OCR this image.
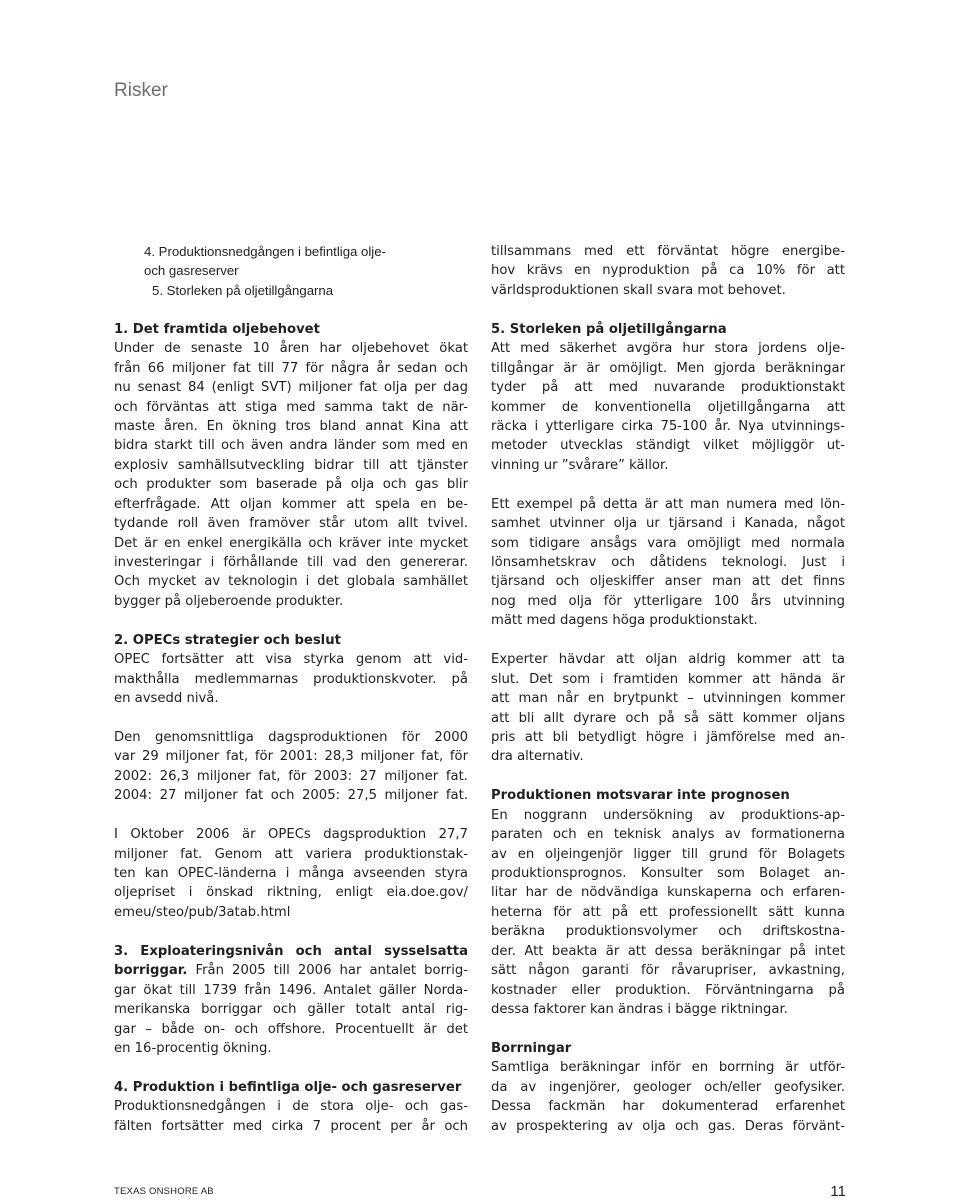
Risker
4. Produktionsnedgången i befintliga olje-
och gasreserver
5. Storleken på oljetillgångarna
1. Det framtida oljebehovet
Under de senaste 10 åren har oljebehovet ökat
från 66 miljoner fat till 77 för några år sedan och
nu senast 84 (enligt SVT) miljoner fat olja per dag
och förväntas att stiga med samma takt de när-
maste åren. En ökning tros bland annat Kina att
bidra starkt till och även andra länder som med en
explosiv samhällsutveckling bidrar till att tjänster
och produkter som baserade på olja och gas blir
efterfrågade. Att oljan kommer att spela en be-
tydande roll även framöver står utom allt tvivel.
Det är en enkel energikälla och kräver inte mycket
investeringar i förhållande till vad den genererar.
Och mycket av teknologin i det globala samhället
bygger på oljeberoende produkter.
2. OPECs strategier och beslut
OPEC fortsätter att visa styrka genom att vid-
makthålla medlemmarnas produktionskvoter. på
en avsedd nivå.
Den genomsnittliga dagsproduktionen för 2000
var 29 miljoner fat, för 2001: 28,3 miljoner fat, för
2002: 26,3 miljoner fat, för 2003: 27 miljoner fat.
2004: 27 miljoner fat och 2005: 27,5 miljoner fat.
I Oktober 2006 är OPECs dagsproduktion 27,7
miljoner fat. Genom att variera produktionstak-
ten kan OPEC-länderna i många avseenden styra
oljepriset i önskad riktning, enligt eia.doe.gov/
emeu/steo/pub/3atab.html
3. Exploateringsnivån och antal sysselsatta
borriggar. Från 2005 till 2006 har antalet borrig-
gar ökat till 1739 från 1496. Antalet gäller Norda-
merikanska borriggar och gäller totalt antal rig-
gar – både on- och offshore. Procentuellt är det
en 16-procentig ökning.
4. Produktion i befintliga olje- och gasreserver
Produktionsnedgången i de stora olje- och gas-
fälten fortsätter med cirka 7 procent per år och
tillsammans med ett förväntat högre energibe-
hov krävs en nyproduktion på ca 10% för att
världsproduktionen skall svara mot behovet.
5. Storleken på oljetillgångarna
Att med säkerhet avgöra hur stora jordens olje-
tillgångar är är omöjligt. Men gjorda beräkningar
tyder på att med nuvarande produktionstakt
kommer de konventionella oljetillgångarna att
räcka i ytterligare cirka 75-100 år. Nya utvinnings-
metoder utvecklas ständigt vilket möjliggör ut-
vinning ur ”svårare” källor.
Ett exempel på detta är att man numera med lön-
samhet utvinner olja ur tjärsand i Kanada, något
som tidigare ansågs vara omöjligt med normala
lönsamhetskrav och dåtidens teknologi. Just i
tjärsand och oljeskiffer anser man att det finns
nog med olja för ytterligare 100 års utvinning
mätt med dagens höga produktionstakt.
Experter hävdar att oljan aldrig kommer att ta
slut. Det som i framtiden kommer att hända är
att man når en brytpunkt – utvinningen kommer
att bli allt dyrare och på så sätt kommer oljans
pris att bli betydligt högre i jämförelse med an-
dra alternativ.
Produktionen motsvarar inte prognosen
En noggrann undersökning av produktions-ap-
paraten och en teknisk analys av formationerna
av en oljeingenjör ligger till grund för Bolagets
produktionsprognos. Konsulter som Bolaget an-
litar har de nödvändiga kunskaperna och erfaren-
heterna för att på ett professionellt sätt kunna
beräkna produktionsvolymer och driftskostna-
der. Att beakta är att dessa beräkningar på intet
sätt någon garanti för råvarupriser, avkastning,
kostnader eller produktion. Förväntningarna på
dessa faktorer kan ändras i bägge riktningar.
Borrningar
Samtliga beräkningar inför en borrning är utför-
da av ingenjörer, geologer och/eller geofysiker.
Dessa fackmän har dokumenterad erfarenhet
av prospektering av olja och gas. Deras förvänt-
TEXAS ONSHORE AB	11
